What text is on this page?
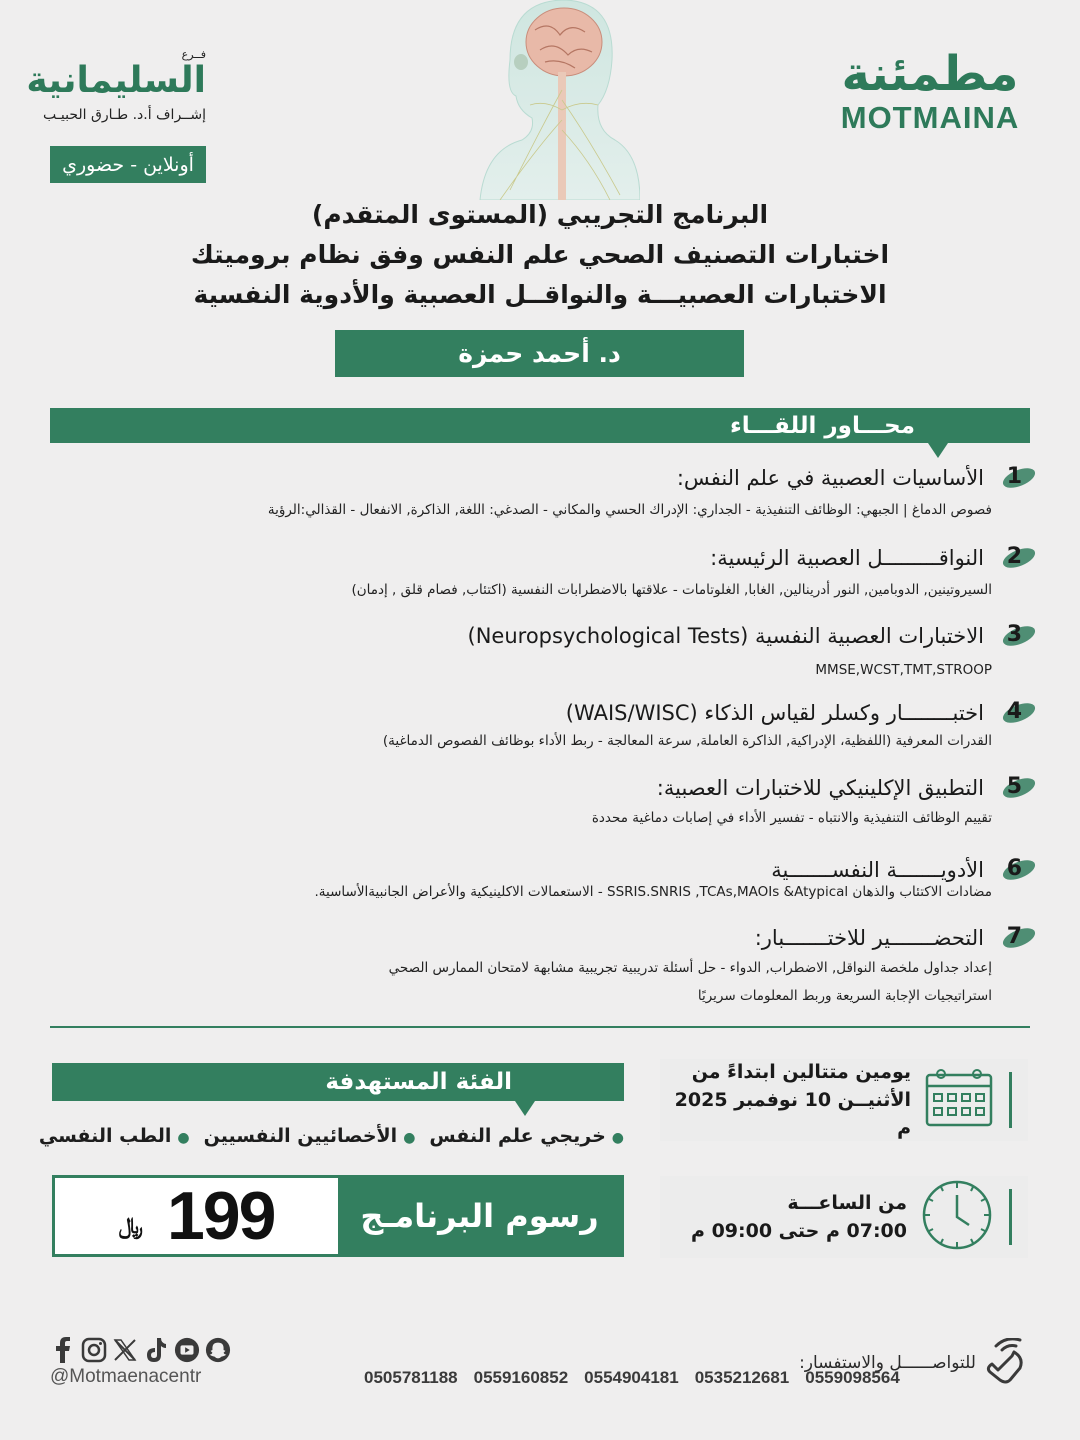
فــرع
السليمانية
إشــراف أ.د. طـارق الحبيـب
أونلاين - حضوري
مطمئنة
MOTMAINA
البرنامج التجريبي (المستوى المتقدم)
اختبارات التصنيف الصحي علم النفس وفق نظام بروميتك
الاختبارات العصبيـــة والنواقــل العصبية والأدوية النفسية
د. أحمد حمزة
محـــاور اللقـــاء
1
الأساسيات العصبية في علم النفس:
فصوص الدماغ | الجبهي: الوظائف التنفيذية - الجداري: الإدراك الحسي والمكاني - الصدغي: اللغة, الذاكرة, الانفعال - القذالي:الرؤية
2
النواقـــــــــل العصبية الرئيسية:
السيروتينين, الدوبامين, النور أدرينالين, الغابا, الغلوتامات - علاقتها بالاضطرابات النفسية (اكتئاب, فصام قلق , إدمان)
3
الاختبارات العصبية النفسية (Neuropsychological Tests)
MMSE,WCST,TMT,STROOP
4
اختبــــــــار وكسلر لقياس الذكاء (WAIS/WISC)
القدرات المعرفية (اللفظية، الإدراكية, الذاكرة العاملة, سرعة المعالجة - ربط الأداء بوظائف الفصوص الدماغية)
5
التطبيق الإكلينيكي للاختبارات العصبية:
تقييم الوظائف التنفيذية والانتباه - تفسير الأداء في إصابات دماغية محددة
6
الأدويـــــــة النفســـــــية
مضادات الاكتئاب والذهان SSRIS.SNRIS ,TCAs,MAOIs &Atypical - الاستعمالات الاكلينيكية والأعراض الجانبيةالأساسية.
7
التحضـــــــير للاختـــــــبار:
إعداد جداول ملخصة النواقل, الاضطراب, الدواء - حل أسئلة تدريبية تجريبية مشابهة لامتحان الممارس الصحي
استراتيجيات الإجابة السريعة وربط المعلومات سريريًا
الفئة المستهدفة
●خريجي علم النفس
●الأخصائيين النفسيين
●الطب النفسي
﷼ 199	رسوم البرنامـج
يومين متتالين ابتداءً من
الأثنيــن 10 نوفمبر 2025 م
من الساعـــة
07:00 م حتى 09:00 م
للتواصــــــل والاستفسار:
0505781188 0559160852 0554904181 0535212681 0559098564
@Motmaenacentr
